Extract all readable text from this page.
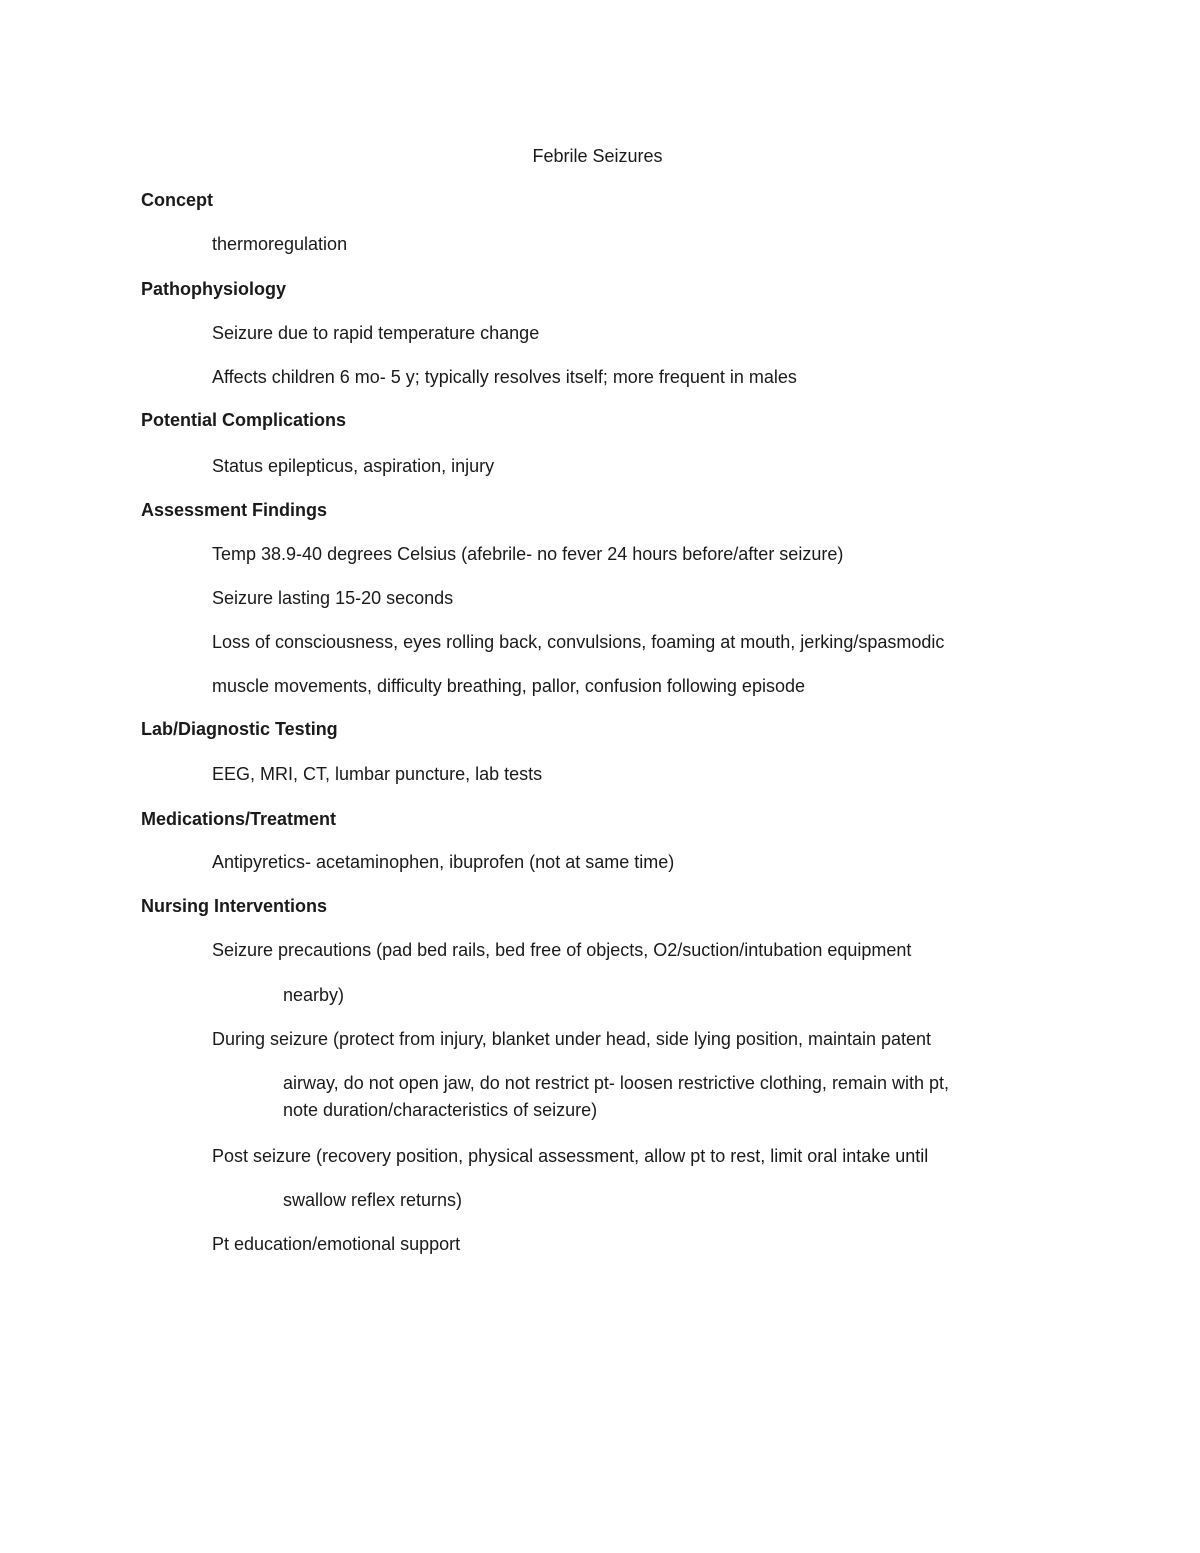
Febrile Seizures
Concept
thermoregulation
Pathophysiology
Seizure due to rapid temperature change
Affects children 6 mo- 5 y; typically resolves itself; more frequent in males
Potential Complications
Status epilepticus, aspiration, injury
Assessment Findings
Temp 38.9-40 degrees Celsius (afebrile- no fever 24 hours before/after seizure)
Seizure lasting 15-20 seconds
Loss of consciousness, eyes rolling back, convulsions, foaming at mouth, jerking/spasmodic
muscle movements, difficulty breathing, pallor, confusion following episode
Lab/Diagnostic Testing
EEG, MRI, CT, lumbar puncture, lab tests
Medications/Treatment
Antipyretics- acetaminophen, ibuprofen (not at same time)
Nursing Interventions
Seizure precautions (pad bed rails, bed free of objects, O2/suction/intubation equipment
nearby)
During seizure (protect from injury, blanket under head, side lying position, maintain patent
airway, do not open jaw, do not restrict pt- loosen restrictive clothing, remain with pt,
note duration/characteristics of seizure)
Post seizure (recovery position, physical assessment, allow pt to rest, limit oral intake until
swallow reflex returns)
Pt education/emotional support
